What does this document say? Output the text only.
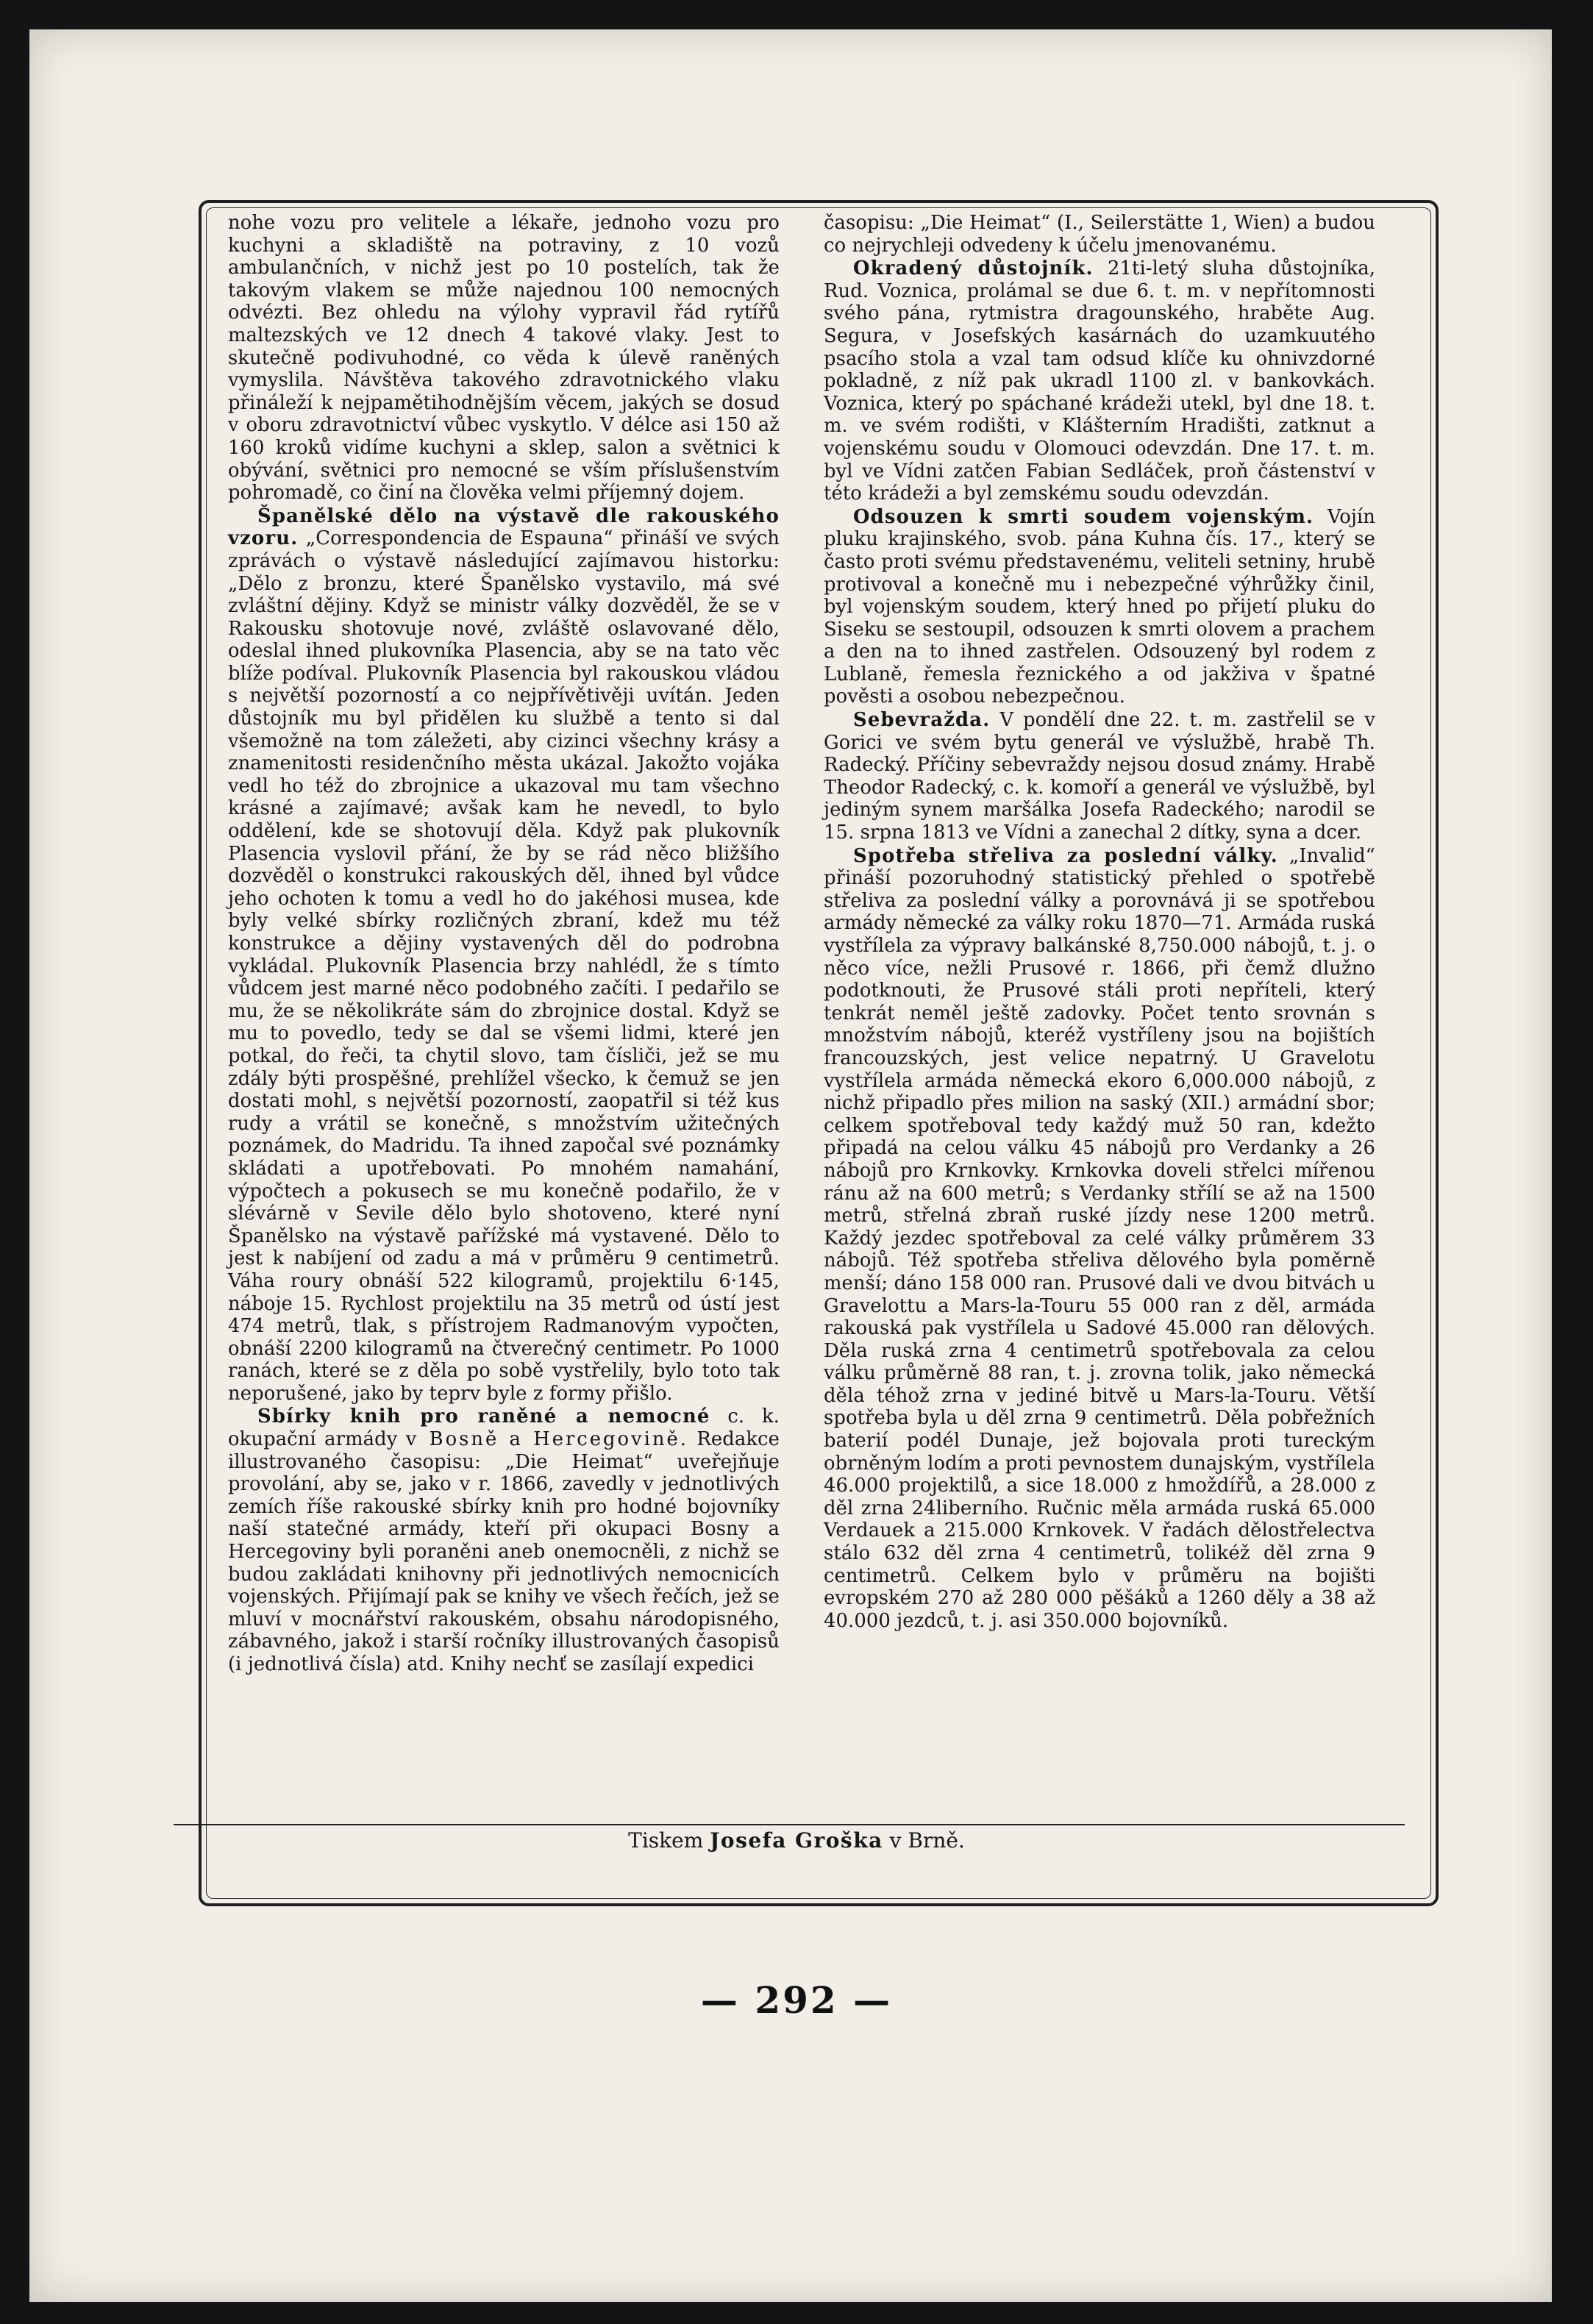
nohe vozu pro velitele a lékaře, jednoho vozu pro kuchyni a skladiště na potraviny, z 10 vozů ambulančních, v nichž jest po 10 postelích, tak že takovým vlakem se může najednou 100 nemocných odvézti. Bez ohledu na výlohy vypravil řád rytířů maltezských ve 12 dnech 4 takové vlaky. Jest to skutečně podivuhodné, co věda k úlevě raněných vymyslila. Návštěva takového zdravotnického vlaku přináleží k nejpamětihodnějším věcem, jakých se dosud v oboru zdravotnictví vůbec vyskytlo. V délce asi 150 až 160 kroků vidíme kuchyni a sklep, salon a světnici k obývání, světnici pro nemocné se vším příslušenstvím pohromadě, co činí na člověka velmi příjemný dojem.

Španělské dělo na výstavě dle rakouského vzoru. „Correspondencia de Espauna“ přináší ve svých zprávách o výstavě následující zajímavou historku: „Dělo z bronzu, které Španělsko vystavilo, má své zvláštní dějiny. Když se ministr války dozvěděl, že se v Rakousku shotovuje nové, zvláště oslavované dělo, odeslal ihned plukovníka Plasencia, aby se na tato věc blíže podíval. Plukovník Plasencia byl rakouskou vládou s největší pozorností a co nejpřívětivěji uvítán. Jeden důstojník mu byl přidělen ku službě a tento si dal všemožně na tom záležeti, aby cizinci všechny krásy a znamenitosti residenčního města ukázal. Jakožto vojáka vedl ho též do zbrojnice a ukazoval mu tam všechno krásné a zajímavé; avšak kam he nevedl, to bylo oddělení, kde se shotovují děla. Když pak plukovník Plasencia vyslovil přání, že by se rád něco bližšího dozvěděl o konstrukci rakouských děl, ihned byl vůdce jeho ochoten k tomu a vedl ho do jakéhosi musea, kde byly velké sbírky rozličných zbraní, kdež mu též konstrukce a dějiny vystavených děl do podrobna vykládal. Plukovník Plasencia brzy nahlédl, že s tímto vůdcem jest marné něco podobného začíti. I pedařilo se mu, že se několikráte sám do zbrojnice dostal. Když se mu to povedlo, tedy se dal se všemi lidmi, které jen potkal, do řeči, ta chytil slovo, tam čísliči, jež se mu zdály býti prospěšné, prehlížel všecko, k čemuž se jen dostati mohl, s největší pozorností, zaopatřil si též kus rudy a vrátil se konečně, s množstvím užitečných poznámek, do Madridu. Ta ihned započal své poznámky skládati a upotřebovati. Po mnohém namahání, výpočtech a pokusech se mu konečně podařilo, že v slévárně v Sevile dělo bylo shotoveno, které nyní Španělsko na výstavě pařížské má vystavené. Dělo to jest k nabíjení od zadu a má v průměru 9 centimetrů. Váha roury obnáší 522 kilogramů, projektilu 6·145, náboje 15. Rychlost projektilu na 35 metrů od ústí jest 474 metrů, tlak, s přístrojem Radmanovým vypočten, obnáší 2200 kilogramů na čtverečný centimetr. Po 1000 ranách, které se z děla po sobě vystřelily, bylo toto tak neporušené, jako by teprv byle z formy přišlo.

Sbírky knih pro raněné a nemocné c. k. okupační armády v Bosně a Hercegovině. Redakce illustrovaného časopisu: „Die Heimat“ uveřejňuje provolání, aby se, jako v r. 1866, zavedly v jednotlivých zemích říše rakouské sbírky knih pro hodné bojovníky naší statečné armády, kteří při okupaci Bosny a Hercegoviny byli poraněni aneb onemocněli, z nichž se budou zakládati knihovny při jednotlivých nemocnicích vojenských. Přijímají pak se knihy ve všech řečích, jež se mluví v mocnářství rakouském, obsahu národopisného, zábavného, jakož i starší ročníky illustrovaných časopisů (i jednotlivá čísla) atd. Knihy nechť se zasílají expedici

časopisu: „Die Heimat“ (I., Seilerstätte 1, Wien) a budou co nejrychleji odvedeny k účelu jmenovanému.

Okradený důstojník. 21ti-letý sluha důstojníka, Rud. Voznica, prolámal se due 6. t. m. v nepřítomnosti svého pána, rytmistra dragounského, hraběte Aug. Segura, v Josefských kasárnách do uzamkuutého psacího stola a vzal tam odsud klíče ku ohnivzdorné pokladně, z níž pak ukradl 1100 zl. v bankovkách. Voznica, který po spáchané krádeži utekl, byl dne 18. t. m. ve svém rodišti, v Klášterním Hradišti, zatknut a vojenskému soudu v Olomouci odevzdán. Dne 17. t. m. byl ve Vídni zatčen Fabian Sedláček, proň částenství v této krádeži a byl zemskému soudu odevzdán.

Odsouzen k smrti soudem vojenským. Vojín pluku krajinského, svob. pána Kuhna čís. 17., který se často proti svému představenému, veliteli setniny, hrubě protivoval a konečně mu i nebezpečné výhrůžky činil, byl vojenským soudem, který hned po přijetí pluku do Siseku se sestoupil, odsouzen k smrti olovem a prachem a den na to ihned zastřelen. Odsouzený byl rodem z Lublaně, řemesla řeznického a od jakživa v špatné pověsti a osobou nebezpečnou.

Sebevražda. V pondělí dne 22. t. m. zastřelil se v Gorici ve svém bytu generál ve výslužbě, hrabě Th. Radecký. Příčiny sebevraždy nejsou dosud známy. Hrabě Theodor Radecký, c. k. komoří a generál ve výslužbě, byl jediným synem maršálka Josefa Radeckého; narodil se 15. srpna 1813 ve Vídni a zanechal 2 dítky, syna a dcer.

Spotřeba střeliva za poslední války. „Invalid“ přináší pozoruhodný statistický přehled o spotřebě střeliva za poslední války a porovnává ji se spotřebou armády německé za války roku 1870—71. Armáda ruská vystřílela za výpravy balkánské 8,750.000 nábojů, t. j. o něco více, nežli Prusové r. 1866, při čemž dlužno podotknouti, že Prusové stáli proti nepříteli, který tenkrát neměl ještě zadovky. Počet tento srovnán s množstvím nábojů, kteréž vystříleny jsou na bojištích francouzských, jest velice nepatrný. U Gravelotu vystřílela armáda německá ekoro 6,000.000 nábojů, z nichž připadlo přes milion na saský (XII.) armádní sbor; celkem spotřeboval tedy každý muž 50 ran, kdežto připadá na celou válku 45 nábojů pro Verdanky a 26 nábojů pro Krnkovky. Krnkovka doveli střelci mířenou ránu až na 600 metrů; s Verdanky střílí se až na 1500 metrů, střelná zbraň ruské jízdy nese 1200 metrů. Každý jezdec spotřeboval za celé války průměrem 33 nábojů. Též spotřeba střeliva dělového byla poměrně menší; dáno 158 000 ran. Prusové dali ve dvou bitvách u Gravelottu a Mars-la-Touru 55 000 ran z děl, armáda rakouská pak vystřílela u Sadové 45.000 ran dělových. Děla ruská zrna 4 centimetrů spotřebovala za celou válku průměrně 88 ran, t. j. zrovna tolik, jako německá děla téhož zrna v jediné bitvě u Mars-la-Touru. Větší spotřeba byla u děl zrna 9 centimetrů. Děla pobřežních baterií podél Dunaje, jež bojovala proti tureckým obrněným lodím a proti pevnostem dunajským, vystřílela 46.000 projektilů, a sice 18.000 z hmoždířů, a 28.000 z děl zrna 24liberního. Ručnic měla armáda ruská 65.000 Verdauek a 215.000 Krnkovek. V řadách dělostřelectva stálo 632 děl zrna 4 centimetrů, tolikéž děl zrna 9 centimetrů. Celkem bylo v průměru na bojišti evropském 270 až 280 000 pěšáků a 1260 děly a 38 až 40.000 jezdců, t. j. asi 350.000 bojovníků.

Tiskem Josefa Groška v Brně.
— 292 —
